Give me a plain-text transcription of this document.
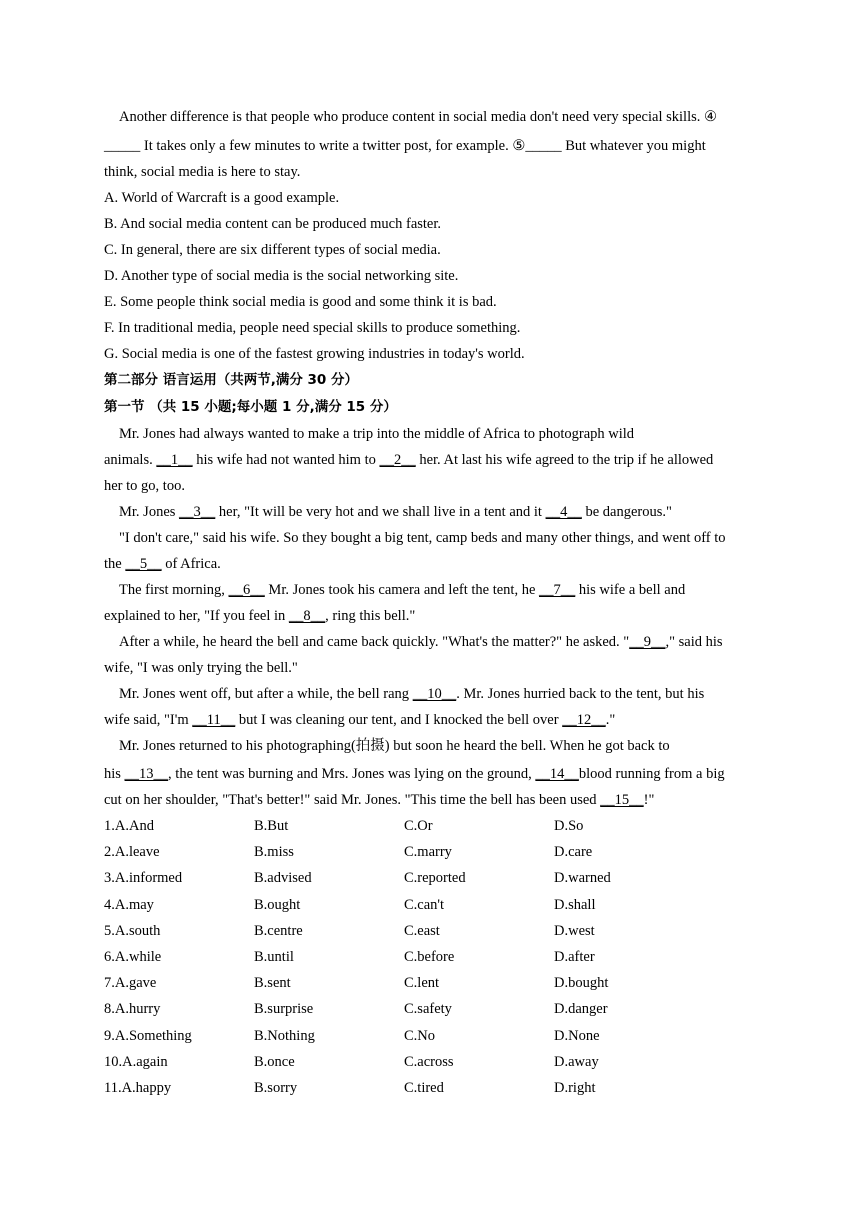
Another difference is that people who produce content in social media don't need very special skills. ④

_____ It takes only a few minutes to write a twitter post, for example. ⑤_____ But whatever you might

think, social media is here to stay.

A. World of Warcraft is a good example.

B. And social media content can be produced much faster.

C. In general, there are six different types of social media.

D. Another type of social media is the social networking site.

E. Some people think social media is good and some think it is bad.

F. In traditional media, people need special skills to produce something.

G. Social media is one of the fastest growing industries in today's world.

第二部分 语言运用（共两节,满分 30 分）

第一节 （共 15 小题;每小题 1 分,满分 15 分）

Mr. Jones had always wanted to make a trip into the middle of Africa to photograph wild

animals. __1__ his wife had not wanted him to __2__ her. At last his wife agreed to the trip if he allowed

her to go, too.

Mr. Jones __3__ her, "It will be very hot and we shall live in a tent and it __4__ be dangerous."

"I don't care," said his wife. So they bought a big tent, camp beds and many other things, and went off to

the __5__ of Africa.

The first morning, __6__ Mr. Jones took his camera and left the tent, he __7__ his wife a bell and

explained to her, "If you feel in __8__, ring this bell."

After a while, he heard the bell and came back quickly. "What's the matter?" he asked. "__9__," said his

wife, "I was only trying the bell."

Mr. Jones went off, but after a while, the bell rang __10__. Mr. Jones hurried back to the tent, but his

wife said, "I'm __11__ but I was cleaning our tent, and I knocked the bell over __12__."

Mr. Jones returned to his photographing(拍摄) but soon he heard the bell. When he got back to

his __13__, the tent was burning and Mrs. Jones was lying on the ground, __14__blood running from a big

cut on her shoulder, "That's better!" said Mr. Jones. "This time the bell has been used __15__!"

1.A.And	B.But	C.Or	D.So
2.A.leave	B.miss	C.marry	D.care
3.A.informed	B.advised	C.reported	D.warned
4.A.may	B.ought	C.can't	D.shall
5.A.south	B.centre	C.east	D.west
6.A.while	B.until	C.before	D.after
7.A.gave	B.sent	C.lent	D.bought
8.A.hurry	B.surprise	C.safety	D.danger
9.A.Something	B.Nothing	C.No	D.None
10.A.again	B.once	C.across	D.away
11.A.happy	B.sorry	C.tired	D.right
